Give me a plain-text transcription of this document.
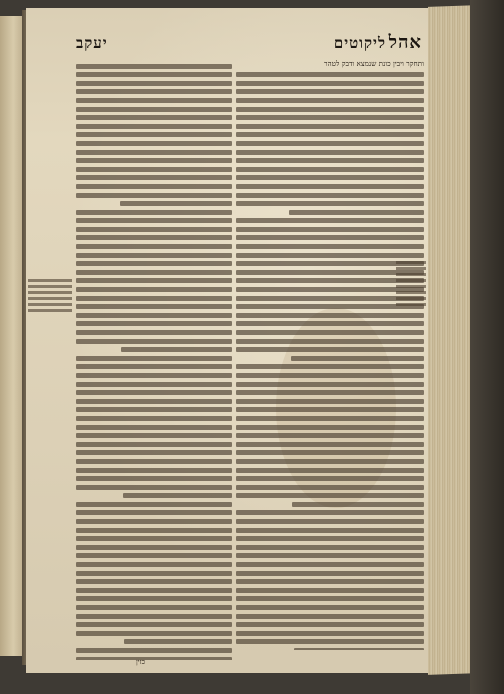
אהל
ליקוטים
יעקב
ותחקר ויבין כונת שנמצא ודבק לטהר
כזין
